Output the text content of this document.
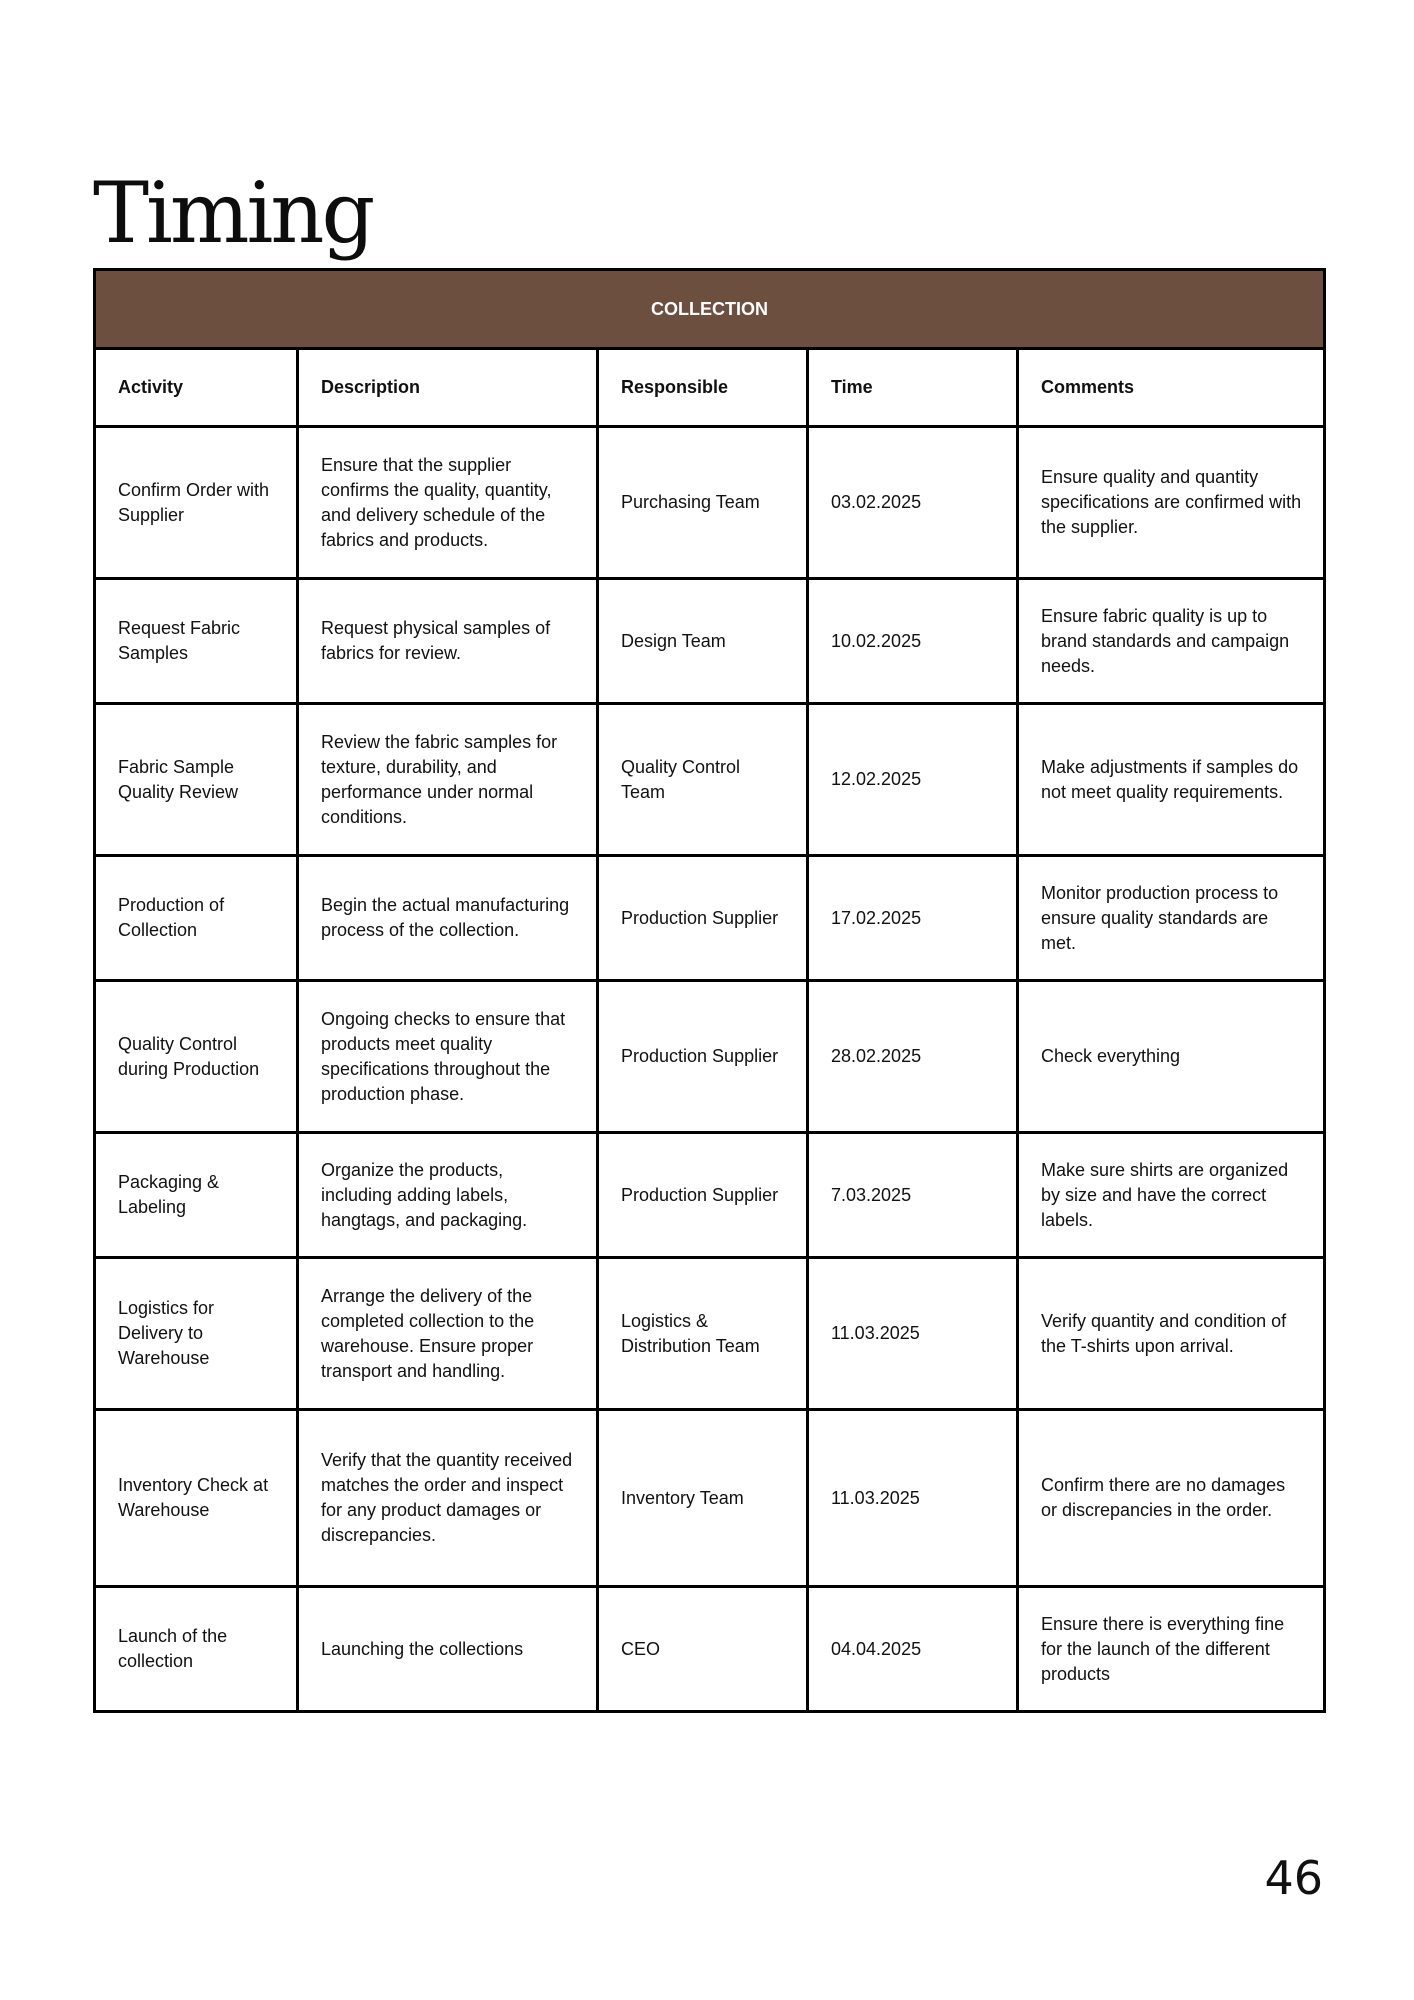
Timing
COLLECTION				
Activity	Description	Responsible	Time	Comments
Confirm Order with Supplier	Ensure that the supplier confirms the quality, quantity, and delivery schedule of the fabrics and products.	Purchasing Team	03.02.2025	Ensure quality and quantity specifications are confirmed with the supplier.
Request Fabric Samples	Request physical samples of fabrics for review.	Design Team	10.02.2025	Ensure fabric quality is up to brand standards and campaign needs.
Fabric Sample Quality Review	Review the fabric samples for texture, durability, and performance under normal conditions.	Quality Control Team	12.02.2025	Make adjustments if samples do not meet quality requirements.
Production of Collection	Begin the actual manufacturing process of the collection.	Production Supplier	17.02.2025	Monitor production process to ensure quality standards are met.
Quality Control during Production	Ongoing checks to ensure that products meet quality specifications throughout the production phase.	Production Supplier	28.02.2025	Check everything
Packaging & Labeling	Organize the products, including adding labels, hangtags, and packaging.	Production Supplier	7.03.2025	Make sure shirts are organized by size and have the correct labels.
Logistics for Delivery to Warehouse	Arrange the delivery of the completed collection to the warehouse. Ensure proper transport and handling.	Logistics & Distribution Team	11.03.2025	Verify quantity and condition of the T-shirts upon arrival.
Inventory Check at Warehouse	Verify that the quantity received matches the order and inspect for any product damages or discrepancies.	Inventory Team	11.03.2025	Confirm there are no damages or discrepancies in the order.
Launch of the collection	Launching the collections	CEO	04.04.2025	Ensure there is everything fine for the launch of the different products
46
